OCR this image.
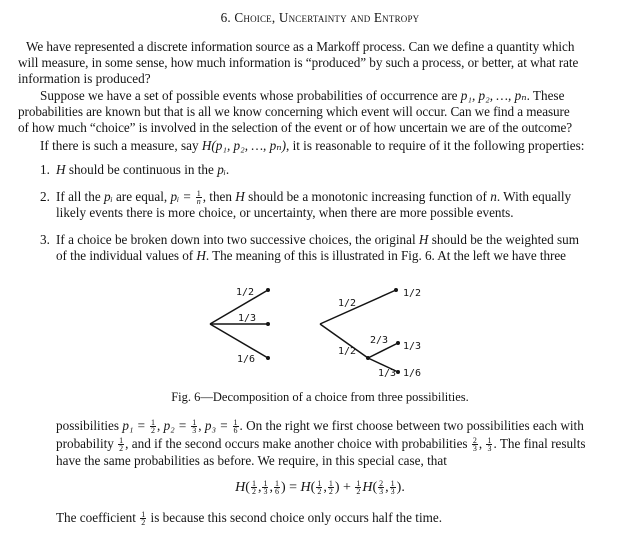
6. Choice, Uncertainty and Entropy
We have represented a discrete information source as a Markoff process. Can we define a quantity which
will measure, in some sense, how much information is “produced” by such a process, or better, at what rate
information is produced?
Suppose we have a set of possible events whose probabilities of occurrence are p₁, p₂, …, pₙ. These
probabilities are known but that is all we know concerning which event will occur. Can we find a measure
of how much “choice” is involved in the selection of the event or of how uncertain we are of the outcome?
If there is such a measure, say H(p₁, p₂, …, pₙ), it is reasonable to require of it the following properties:
1. H should be continuous in the pᵢ.
2. If all the pᵢ are equal, pᵢ = $\frac{1}{n}$ , then H should be a monotonic increasing function of n. With equally
likely events there is more choice, or uncertainty, when there are more possible events.
3. If a choice be broken down into two successive choices, the original H should be the weighted sum
of the individual values of H. The meaning of this is illustrated in Fig. 6. At the left we have three
1/2
1/3
1/6
1/2
1/2
1/2
2/3
1/3
1/3 1/6
Fig. 6—Decomposition of a choice from three possibilities.
possibilities $p_1 = \frac{1}{2}$ , $p_2 = \frac{1}{3}$ , $p_3 = \frac{1}{6}$ . On the right we first choose between two possibilities each with
probability $\frac{1}{2}$ , and if the second occurs make another choice with probabilities $\frac{2}{3}$ , $\frac{1}{3}$ . The final results
have the same probabilities as before. We require, in this special case, that
$H( \frac{1}{2}$ , $\frac{1}{3}$ , $\frac{1}{6}$ ) = $H( \frac{1}{2}$ , $\frac{1}{2}$ ) + $\frac{1}{2} H( \frac{2}{3}$ , $\frac{1}{3}$ ).
The coefficient $\frac{1}{2}$ is because this second choice only occurs half the time.
